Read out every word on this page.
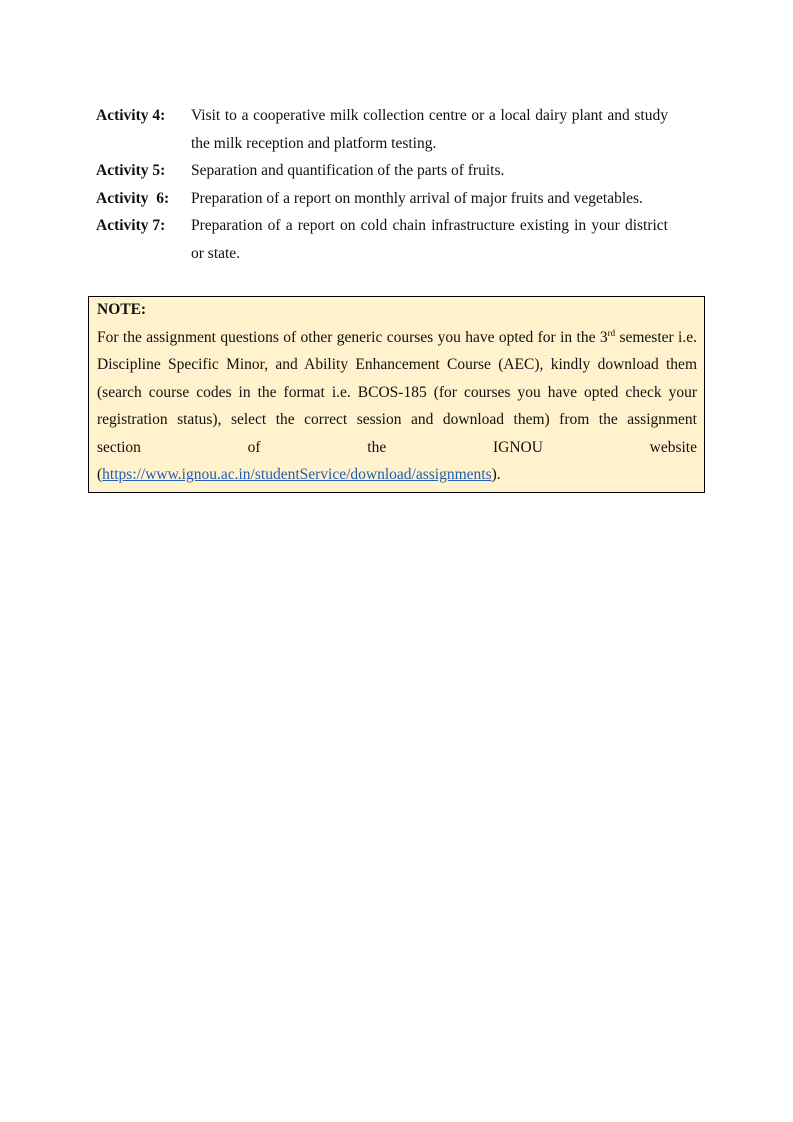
Activity 4:	Visit to a cooperative milk collection centre or a local dairy plant and study the milk reception and platform testing.
Activity 5:	Separation and quantification of the parts of fruits.
Activity  6:	Preparation of a report on monthly arrival of major fruits and vegetables.
Activity 7:	Preparation of a report on cold chain infrastructure existing in your district or state.
NOTE:
For the assignment questions of other generic courses you have opted for in the 3rd semester i.e.
Discipline Specific Minor, and Ability Enhancement Course (AEC), kindly download them
(search course codes in the format i.e. BCOS-185 (for courses you have opted check your
registration status), select the correct session and download them) from the assignment
section of the IGNOU website
(https://www.ignou.ac.in/studentService/download/assignments).
